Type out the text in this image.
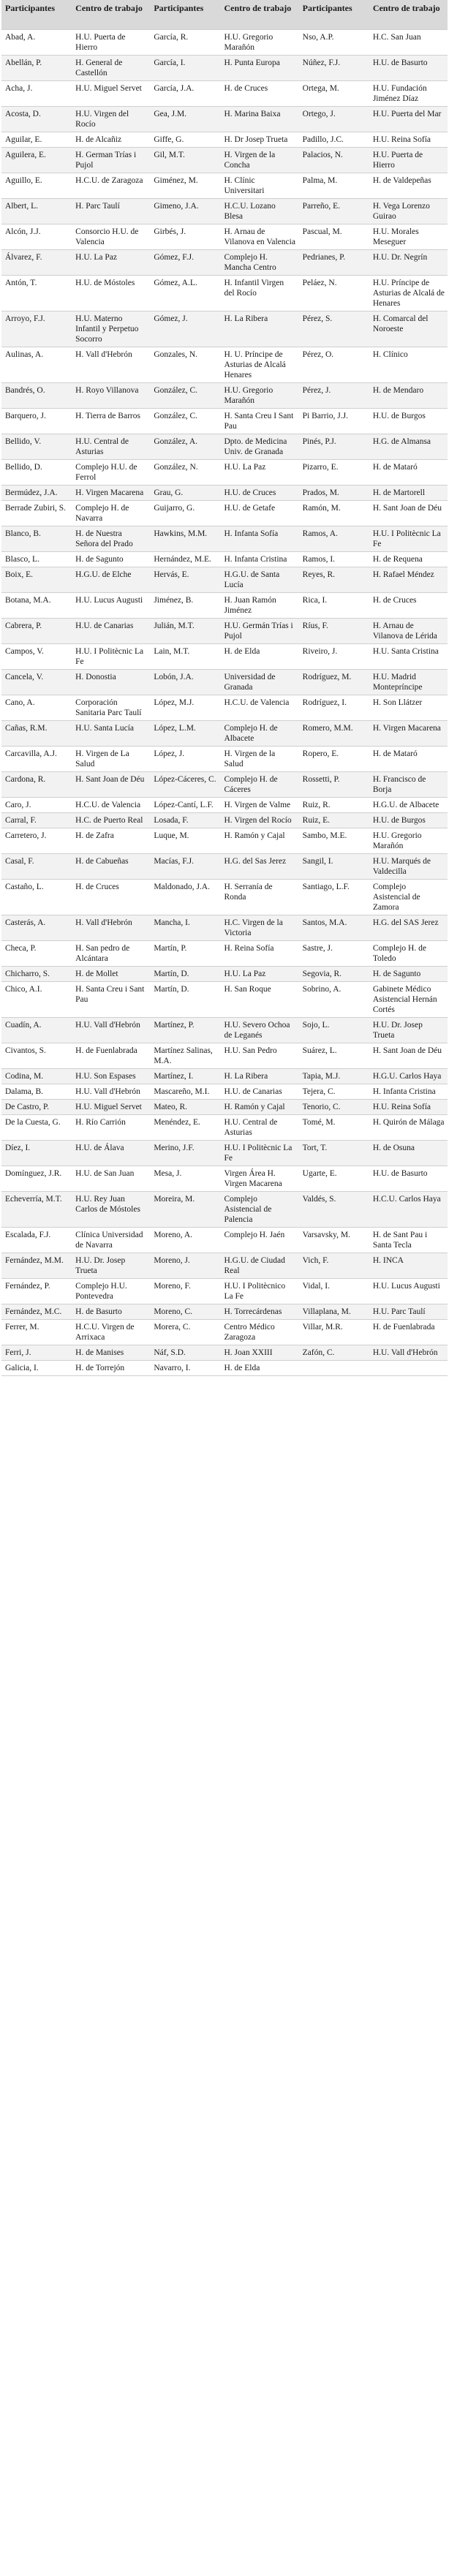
Participantes	Centro de trabajo	Participantes	Centro de trabajo	Participantes	Centro de trabajo
Abad, A.	H.U. Puerta de Hierro	García, R.	H.U. Gregorio Marañón	Nso, A.P.	H.C. San Juan
Abellán, P.	H. General de Castellón	García, I.	H. Punta Europa	Núñez, F.J.	H.U. de Basurto
Acha, J.	H.U. Miguel Servet	García, J.A.	H. de Cruces	Ortega, M.	H.U. Fundación Jiménez Díaz
Acosta, D.	H.U. Virgen del Rocío	Gea, J.M.	H. Marina Baixa	Ortego, J.	H.U. Puerta del Mar
Aguilar, E.	H. de Alcañiz	Giffe, G.	H. Dr Josep Trueta	Padillo, J.C.	H.U. Reina Sofía
Aguilera, E.	H. German Trías i Pujol	Gil, M.T.	H. Virgen de la Concha	Palacios, N.	H.U. Puerta de Hierro
Aguillo, E.	H.C.U. de Zaragoza	Giménez, M.	H. Clínic Universitari	Palma, M.	H. de Valdepeñas
Albert, L.	H. Parc Taulí	Gimeno, J.A.	H.C.U. Lozano Blesa	Parreño, E.	H. Vega Lorenzo Guirao
Alcón, J.J.	Consorcio H.U. de Valencia	Girbés, J.	H. Arnau de Vilanova en Valencia	Pascual, M.	H.U. Morales Meseguer
Álvarez, F.	H.U. La Paz	Gómez, F.J.	Complejo H. Mancha Centro	Pedrianes, P.	H.U. Dr. Negrín
Antón, T.	H.U. de Móstoles	Gómez, A.L.	H. Infantil Virgen del Rocío	Peláez, N.	H.U. Príncipe de Asturias de Alcalá de Henares
Arroyo, F.J.	H.U. Materno Infantil y Perpetuo Socorro	Gómez, J.	H. La Ribera	Pérez, S.	H. Comarcal del Noroeste
Aulinas, A.	H. Vall d'Hebrón	Gonzales, N.	H. U. Príncipe de Asturias de Alcalá Henares	Pérez, O.	H. Clínico
Bandrés, O.	H. Royo Villanova	González, C.	H.U. Gregorio Marañón	Pérez, J.	H. de Mendaro
Barquero, J.	H. Tierra de Barros	González, C.	H. Santa Creu I Sant Pau	Pi Barrio, J.J.	H.U. de Burgos
Bellido, V.	H.U. Central de Asturias	González, A.	Dpto. de Medicina Univ. de Granada	Pinés, P.J.	H.G. de Almansa
Bellido, D.	Complejo H.U. de Ferrol	González, N.	H.U. La Paz	Pizarro, E.	H. de Mataró
Bermúdez, J.A.	H. Virgen Macarena	Grau, G.	H.U. de Cruces	Prados, M.	H. de Martorell
Berrade Zubiri, S.	Complejo H. de Navarra	Guijarro, G.	H.U. de Getafe	Ramón, M.	H. Sant Joan de Déu
Blanco, B.	H. de Nuestra Señora del Prado	Hawkins, M.M.	H. Infanta Sofía	Ramos, A.	H.U. I Politècnic La Fe
Blasco, L.	H. de Sagunto	Hernández, M.E.	H. Infanta Cristina	Ramos, I.	H. de Requena
Boix, E.	H.G.U. de Elche	Hervás, E.	H.G.U. de Santa Lucía	Reyes, R.	H. Rafael Méndez
Botana, M.A.	H.U. Lucus Augusti	Jiménez, B.	H. Juan Ramón Jiménez	Rica, I.	H. de Cruces
Cabrera, P.	H.U. de Canarias	Julián, M.T.	H.U. Germán Trías i Pujol	Ríus, F.	H. Arnau de Vilanova de Lérida
Campos, V.	H.U. I Politècnic La Fe	Lain, M.T.	H. de Elda	Riveiro, J.	H.U. Santa Cristina
Cancela, V.	H. Donostia	Lobón, J.A.	Universidad de Granada	Rodríguez, M.	H.U. Madrid Montepríncipe
Cano, A.	Corporación Sanitaria Parc Taulí	López, M.J.	H.C.U. de Valencia	Rodríguez, I.	H. Son Llátzer
Cañas, R.M.	H.U. Santa Lucía	López, L.M.	Complejo H. de Albacete	Romero, M.M.	H. Virgen Macarena
Carcavilla, A.J.	H. Virgen de La Salud	López, J.	H. Virgen de la Salud	Ropero, E.	H. de Mataró
Cardona, R.	H. Sant Joan de Déu	López-Cáceres, C.	Complejo H. de Cáceres	Rossetti, P.	H. Francisco de Borja
Caro, J.	H.C.U. de Valencia	López-Cantí, L.F.	H. Virgen de Valme	Ruiz, R.	H.G.U. de Albacete
Carral, F.	H.C. de Puerto Real	Losada, F.	H. Virgen del Rocío	Ruiz, E.	H.U. de Burgos
Carretero, J.	H. de Zafra	Luque, M.	H. Ramón y Cajal	Sambo, M.E.	H.U. Gregorio Marañón
Casal, F.	H. de Cabueñas	Macías, F.J.	H.G. del Sas Jerez	Sangil, I.	H.U. Marqués de Valdecilla
Castaño, L.	H. de Cruces	Maldonado, J.A.	H. Serranía de Ronda	Santiago, L.F.	Complejo Asistencial de Zamora
Casterás, A.	H. Vall d'Hebrón	Mancha, I.	H.C. Virgen de la Victoria	Santos, M.A.	H.G. del SAS Jerez
Checa, P.	H. San pedro de Alcántara	Martín, P.	H. Reina Sofía	Sastre, J.	Complejo H. de Toledo
Chicharro, S.	H. de Mollet	Martín, D.	H.U. La Paz	Segovia, R.	H. de Sagunto
Chico, A.I.	H. Santa Creu i Sant Pau	Martín, D.	H. San Roque	Sobrino, A.	Gabinete Médico Asistencial Hernán Cortés
Cuadín, A.	H.U. Vall d'Hebrón	Martínez, P.	H.U. Severo Ochoa de Leganés	Sojo, L.	H.U. Dr. Josep Trueta
Civantos, S.	H. de Fuenlabrada	Martínez Salinas, M.A.	H.U. San Pedro	Suárez, L.	H. Sant Joan de Déu
Codina, M.	H.U. Son Espases	Martínez, I.	H. La Ribera	Tapia, M.J.	H.G.U. Carlos Haya
Dalama, B.	H.U. Vall d'Hebrón	Mascareño, M.I.	H.U. de Canarias	Tejera, C.	H. Infanta Cristina
De Castro, P.	H.U. Miguel Servet	Mateo, R.	H. Ramón y Cajal	Tenorio, C.	H.U. Reina Sofía
De la Cuesta, G.	H. Río Carrión	Menéndez, E.	H.U. Central de Asturias	Tomé, M.	H. Quirón de Málaga
Díez, I.	H.U. de Álava	Merino, J.F.	H.U. I Politècnic La Fe	Tort, T.	H. de Osuna
Domínguez, J.R.	H.U. de San Juan	Mesa, J.	Virgen Área H. Virgen Macarena	Ugarte, E.	H.U. de Basurto
Echeverría, M.T.	H.U. Rey Juan Carlos de Móstoles	Moreira, M.	Complejo Asistencial de Palencia	Valdés, S.	H.C.U. Carlos Haya
Escalada, F.J.	Clínica Universidad de Navarra	Moreno, A.	Complejo H. Jaén	Varsavsky, M.	H. de Sant Pau i Santa Tecla
Fernández, M.M.	H.U. Dr. Josep Trueta	Moreno, J.	H.G.U. de Ciudad Real	Vich, F.	H. INCA
Fernández, P.	Complejo H.U. Pontevedra	Moreno, F.	H.U. I Politècnico La Fe	Vidal, I.	H.U. Lucus Augusti
Fernández, M.C.	H. de Basurto	Moreno, C.	H. Torrecárdenas	Villaplana, M.	H.U. Parc Taulí
Ferrer, M.	H.C.U. Virgen de Arrixaca	Morera, C.	Centro Médico Zaragoza	Villar, M.R.	H. de Fuenlabrada
Ferri, J.	H. de Manises	Náf, S.D.	H. Joan XXIII	Zafón, C.	H.U. Vall d'Hebrón
Galicia, I.	H. de Torrejón	Navarro, I.	H. de Elda		
